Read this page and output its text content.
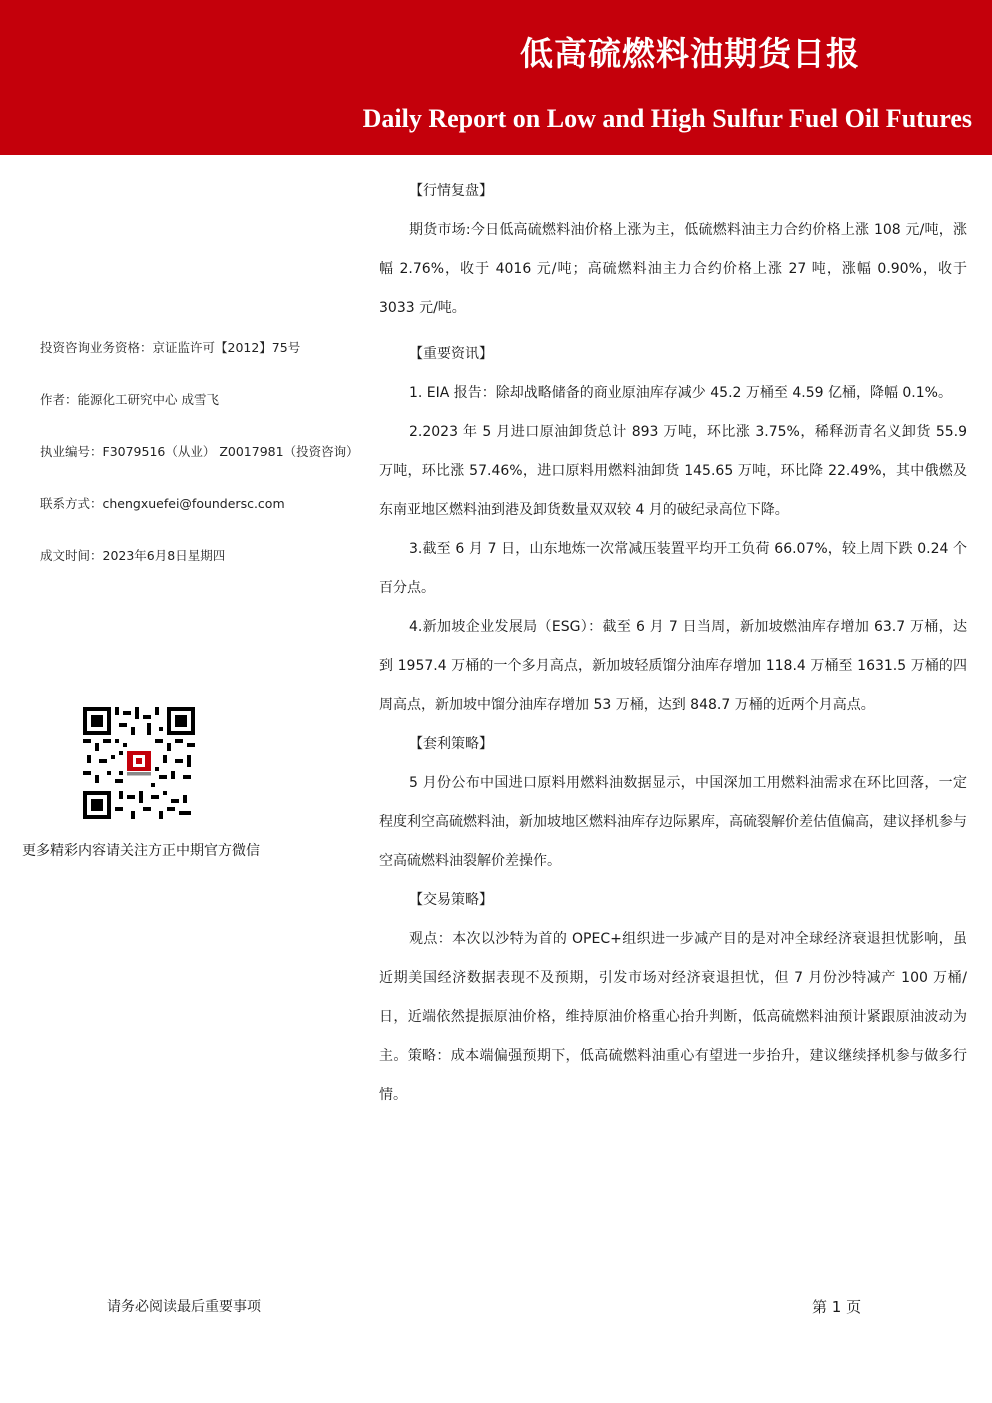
低高硫燃料油期货日报
Daily Report on Low and High Sulfur Fuel Oil Futures
投资咨询业务资格：京证监许可【2012】75号
作者：能源化工研究中心 成雪飞
执业编号：F3079516（从业） Z0017981（投资咨询）
联系方式：chengxuefei@foundersc.com
成文时间：2023年6月8日星期四
更多精彩内容请关注方正中期官方微信
【行情复盘】
期货市场:今日低高硫燃料油价格上涨为主，低硫燃料油主力合约价格上涨 108 元/吨，涨幅 2.76%，收于 4016 元/吨；高硫燃料油主力合约价格上涨 27 吨，涨幅 0.90%，收于 3033 元/吨。
【重要资讯】
1. EIA 报告：除却战略储备的商业原油库存减少 45.2 万桶至 4.59 亿桶，降幅 0.1%。
2.2023 年 5 月进口原油卸货总计 893 万吨，环比涨 3.75%，稀释沥青名义卸货 55.9 万吨，环比涨 57.46%，进口原料用燃料油卸货 145.65 万吨，环比降 22.49%，其中俄燃及东南亚地区燃料油到港及卸货数量双双较 4 月的破纪录高位下降。
3.截至 6 月 7 日，山东地炼一次常减压装置平均开工负荷 66.07%，较上周下跌 0.24 个百分点。
4.新加坡企业发展局（ESG）：截至 6 月 7 日当周，新加坡燃油库存增加 63.7 万桶，达到 1957.4 万桶的一个多月高点，新加坡轻质馏分油库存增加 118.4 万桶至 1631.5 万桶的四周高点，新加坡中馏分油库存增加 53 万桶，达到 848.7 万桶的近两个月高点。
【套利策略】
5 月份公布中国进口原料用燃料油数据显示，中国深加工用燃料油需求在环比回落，一定程度利空高硫燃料油，新加坡地区燃料油库存边际累库，高硫裂解价差估值偏高，建议择机参与空高硫燃料油裂解价差操作。
【交易策略】
观点：本次以沙特为首的 OPEC+组织进一步减产目的是对冲全球经济衰退担忧影响，虽近期美国经济数据表现不及预期，引发市场对经济衰退担忧，但 7 月份沙特减产 100 万桶/日，近端依然提振原油价格，维持原油价格重心抬升判断，低高硫燃料油预计紧跟原油波动为主。策略：成本端偏强预期下，低高硫燃料油重心有望进一步抬升，建议继续择机参与做多行情。
请务必阅读最后重要事项	第 1 页
